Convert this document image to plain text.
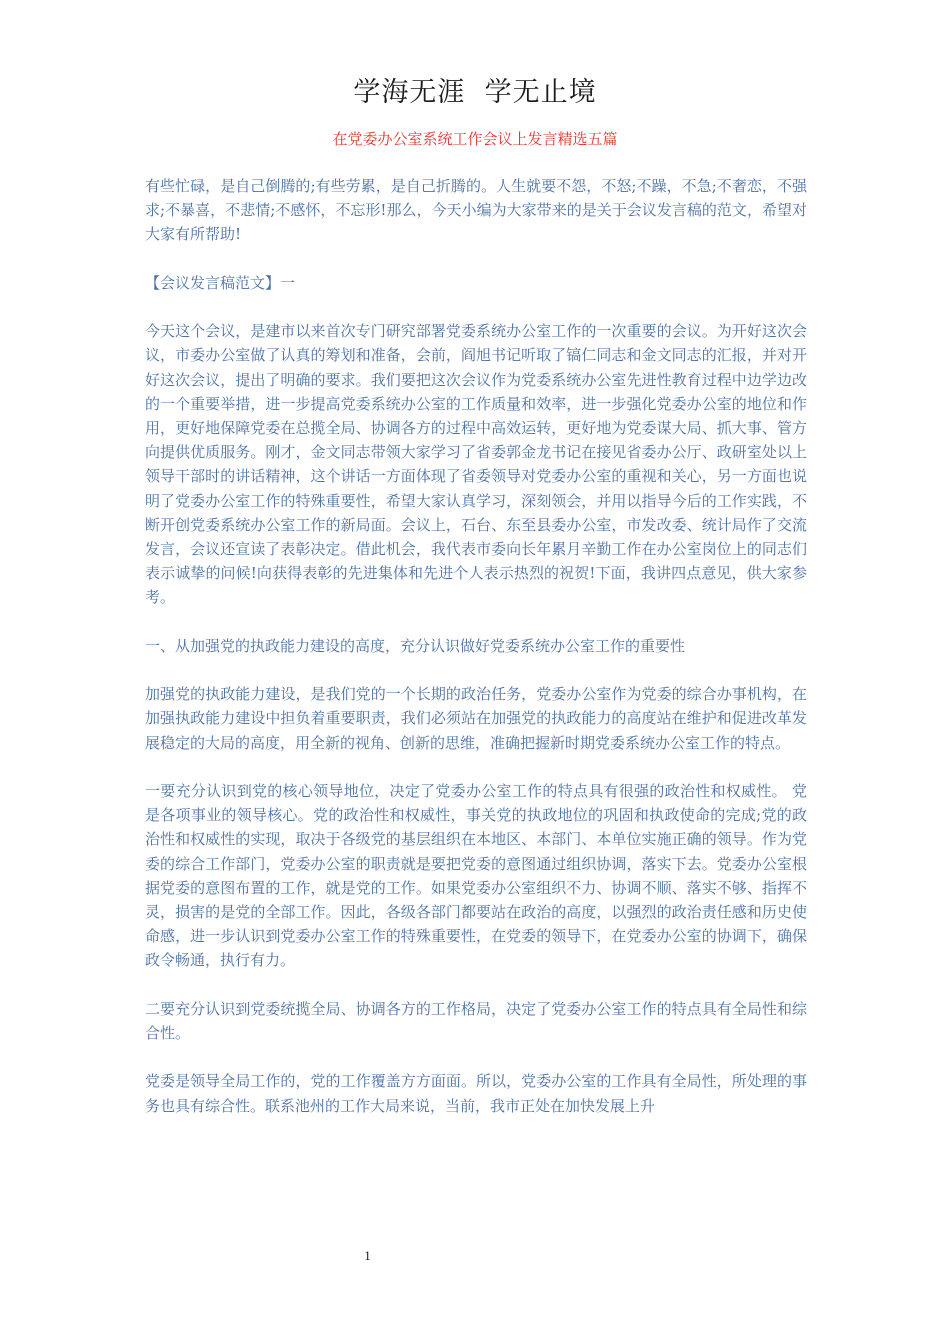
学海无涯  学无止境
在党委办公室系统工作会议上发言精选五篇

有些忙碌，是自己倒腾的;有些劳累，是自己折腾的。人生就要不怨，不怒;不躁，不急;不奢恋，不强求;不暴喜，不悲情;不感怀，不忘形!那么，今天小编为大家带来的是关于会议发言稿的范文，希望对大家有所帮助!

【会议发言稿范文】一

今天这个会议，是建市以来首次专门研究部署党委系统办公室工作的一次重要的会议。为开好这次会议，市委办公室做了认真的筹划和准备，会前，阎旭书记听取了镐仁同志和金文同志的汇报，并对开好这次会议，提出了明确的要求。我们要把这次会议作为党委系统办公室先进性教育过程中边学边改的一个重要举措，进一步提高党委系统办公室的工作质量和效率，进一步强化党委办公室的地位和作用，更好地保障党委在总揽全局、协调各方的过程中高效运转，更好地为党委谋大局、抓大事、管方向提供优质服务。刚才，金文同志带领大家学习了省委郭金龙书记在接见省委办公厅、政研室处以上领导干部时的讲话精神，这个讲话一方面体现了省委领导对党委办公室的重视和关心，另一方面也说明了党委办公室工作的特殊重要性，希望大家认真学习，深刻领会，并用以指导今后的工作实践，不断开创党委系统办公室工作的新局面。会议上，石台、东至县委办公室，市发改委、统计局作了交流发言，会议还宣读了表彰决定。借此机会，我代表市委向长年累月辛勤工作在办公室岗位上的同志们表示诚挚的问候!向获得表彰的先进集体和先进个人表示热烈的祝贺!下面，我讲四点意见，供大家参考。

一、从加强党的执政能力建设的高度，充分认识做好党委系统办公室工作的重要性

加强党的执政能力建设，是我们党的一个长期的政治任务，党委办公室作为党委的综合办事机构，在加强执政能力建设中担负着重要职责，我们必须站在加强党的执政能力的高度站在维护和促进改革发展稳定的大局的高度，用全新的视角、创新的思维，准确把握新时期党委系统办公室工作的特点。

一要充分认识到党的核心领导地位，决定了党委办公室工作的特点具有很强的政治性和权威性。 党是各项事业的领导核心。党的政治性和权威性，事关党的执政地位的巩固和执政使命的完成;党的政治性和权威性的实现，取决于各级党的基层组织在本地区、本部门、本单位实施正确的领导。作为党委的综合工作部门，党委办公室的职责就是要把党委的意图通过组织协调，落实下去。党委办公室根据党委的意图布置的工作，就是党的工作。如果党委办公室组织不力、协调不顺、落实不够、指挥不灵，损害的是党的全部工作。因此，各级各部门都要站在政治的高度，以强烈的政治责任感和历史使命感，进一步认识到党委办公室工作的特殊重要性，在党委的领导下，在党委办公室的协调下，确保政令畅通，执行有力。

二要充分认识到党委统揽全局、协调各方的工作格局，决定了党委办公室工作的特点具有全局性和综合性。

党委是领导全局工作的，党的工作覆盖方方面面。所以，党委办公室的工作具有全局性，所处理的事务也具有综合性。联系池州的工作大局来说，当前，我市正处在加快发展上升

1
